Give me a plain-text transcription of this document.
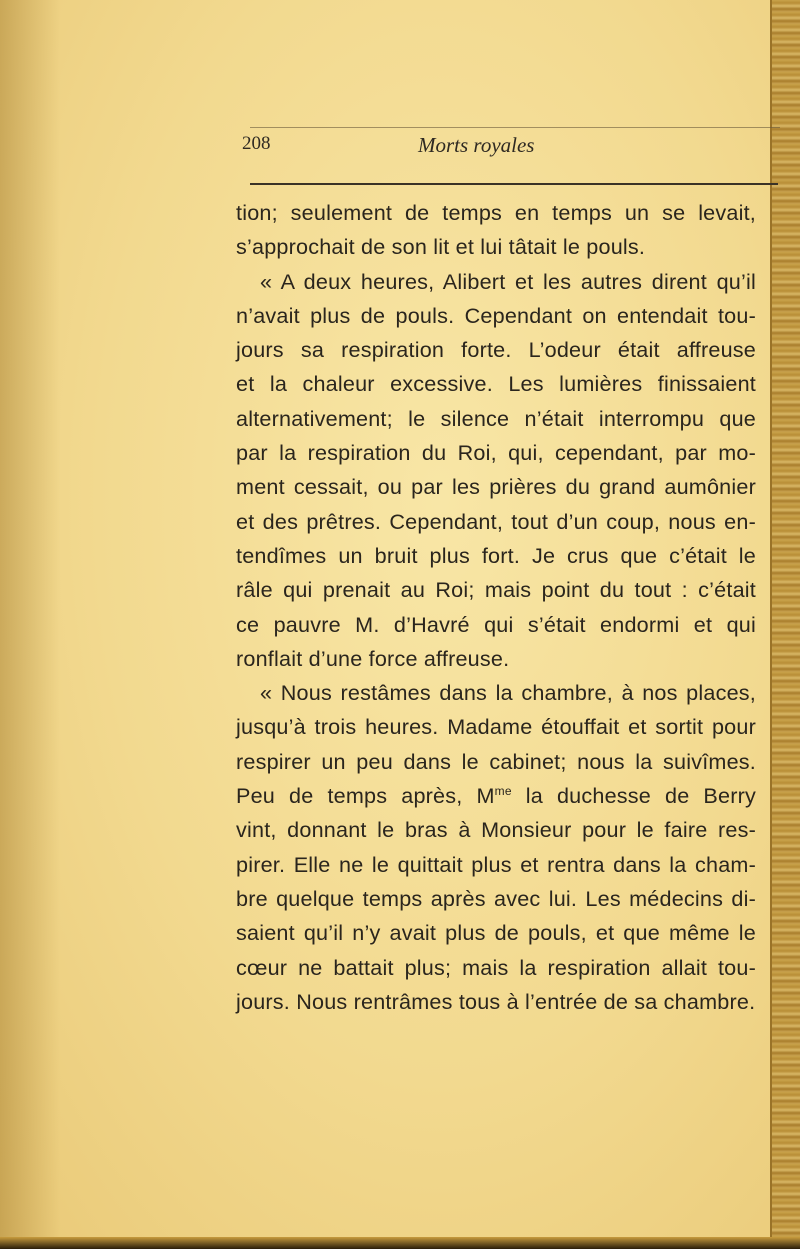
208	Morts royales
tion; seulement de temps en temps un se levait,
s’approchait de son lit et lui tâtait le pouls.
« A deux heures, Alibert et les autres dirent qu’il
n’avait plus de pouls. Cependant on entendait tou-
jours sa respiration forte. L’odeur était affreuse
et la chaleur excessive. Les lumières finissaient
alternativement; le silence n’était interrompu que
par la respiration du Roi, qui, cependant, par mo-
ment cessait, ou par les prières du grand aumônier
et des prêtres. Cependant, tout d’un coup, nous en-
tendîmes un bruit plus fort. Je crus que c’était le
râle qui prenait au Roi; mais point du tout : c’était
ce pauvre M. d’Havré qui s’était endormi et qui
ronflait d’une force affreuse.
« Nous restâmes dans la chambre, à nos places,
jusqu’à trois heures. Madame étouffait et sortit pour
respirer un peu dans le cabinet; nous la suivîmes.
Peu de temps après, $M^{me}$ la duchesse de Berry
vint, donnant le bras à Monsieur pour le faire res-
pirer. Elle ne le quittait plus et rentra dans la cham-
bre quelque temps après avec lui. Les médecins di-
saient qu’il n’y avait plus de pouls, et que même le
cœur ne battait plus; mais la respiration allait tou-
jours. Nous rentrâmes tous à l’entrée de sa chambre.
